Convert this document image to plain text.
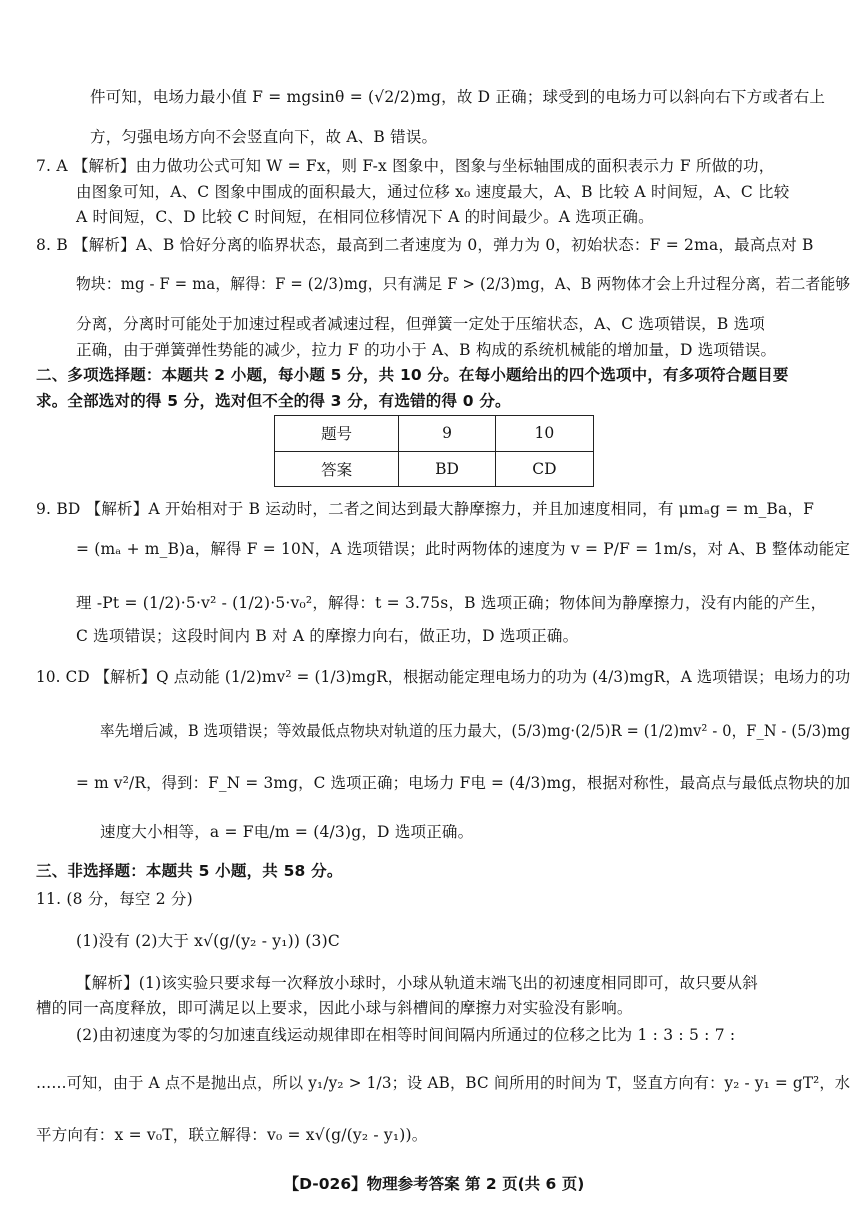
件可知，电场力最小值 F = mgsinθ = (√2/2)mg，故 D 正确；球受到的电场力可以斜向右下方或者右上
方，匀强电场方向不会竖直向下，故 A、B 错误。
7. A 【解析】由力做功公式可知 W = Fx，则 F-x 图象中，图象与坐标轴围成的面积表示力 F 所做的功，
由图象可知，A、C 图象中围成的面积最大，通过位移 x₀ 速度最大，A、B 比较 A 时间短，A、C 比较
A 时间短，C、D 比较 C 时间短，在相同位移情况下 A 的时间最少。A 选项正确。
8. B 【解析】A、B 恰好分离的临界状态，最高到二者速度为 0，弹力为 0，初始状态：F = 2ma，最高点对 B
物块：mg - F = ma，解得：F = (2/3)mg，只有满足 F > (2/3)mg，A、B 两物体才会上升过程分离，若二者能够
分离，分离时可能处于加速过程或者减速过程，但弹簧一定处于压缩状态，A、C 选项错误，B 选项
正确，由于弹簧弹性势能的减少，拉力 F 的功小于 A、B 构成的系统机械能的增加量，D 选项错误。
二、多项选择题：本题共 2 小题，每小题 5 分，共 10 分。在每小题给出的四个选项中，有多项符合题目要
求。全部选对的得 5 分，选对但不全的得 3 分，有选错的得 0 分。
题号	9	10
答案	BD	CD
9. BD 【解析】A 开始相对于 B 运动时，二者之间达到最大静摩擦力，并且加速度相同，有 μmₐg = m_Ba，F
= (mₐ + m_B)a，解得 F = 10N，A 选项错误；此时两物体的速度为 v = P/F = 1m/s，对 A、B 整体动能定
理 -Pt = (1/2)·5·v² - (1/2)·5·v₀²，解得：t = 3.75s，B 选项正确；物体间为静摩擦力，没有内能的产生，
C 选项错误；这段时间内 B 对 A 的摩擦力向右，做正功，D 选项正确。
10. CD 【解析】Q 点动能 (1/2)mv² = (1/3)mgR，根据动能定理电场力的功为 (4/3)mgR，A 选项错误；电场力的功
率先增后减，B 选项错误；等效最低点物块对轨道的压力最大，(5/3)mg·(2/5)R = (1/2)mv² - 0，F_N - (5/3)mg
= m v²/R，得到：F_N = 3mg，C 选项正确；电场力 F电 = (4/3)mg，根据对称性，最高点与最低点物块的加
速度大小相等，a = F电/m = (4/3)g，D 选项正确。
三、非选择题：本题共 5 小题，共 58 分。
11. (8 分，每空 2 分)
(1)没有 (2)大于 x√(g/(y₂ - y₁)) (3)C
【解析】(1)该实验只要求每一次释放小球时，小球从轨道末端飞出的初速度相同即可，故只要从斜
槽的同一高度释放，即可满足以上要求，因此小球与斜槽间的摩擦力对实验没有影响。
(2)由初速度为零的匀加速直线运动规律即在相等时间间隔内所通过的位移之比为 1 : 3 : 5 : 7 :
……可知，由于 A 点不是抛出点，所以 y₁/y₂ > 1/3；设 AB，BC 间所用的时间为 T，竖直方向有：y₂ - y₁ = gT²，水
平方向有：x = v₀T，联立解得：v₀ = x√(g/(y₂ - y₁))。
【D-026】物理参考答案 第 2 页(共 6 页)
